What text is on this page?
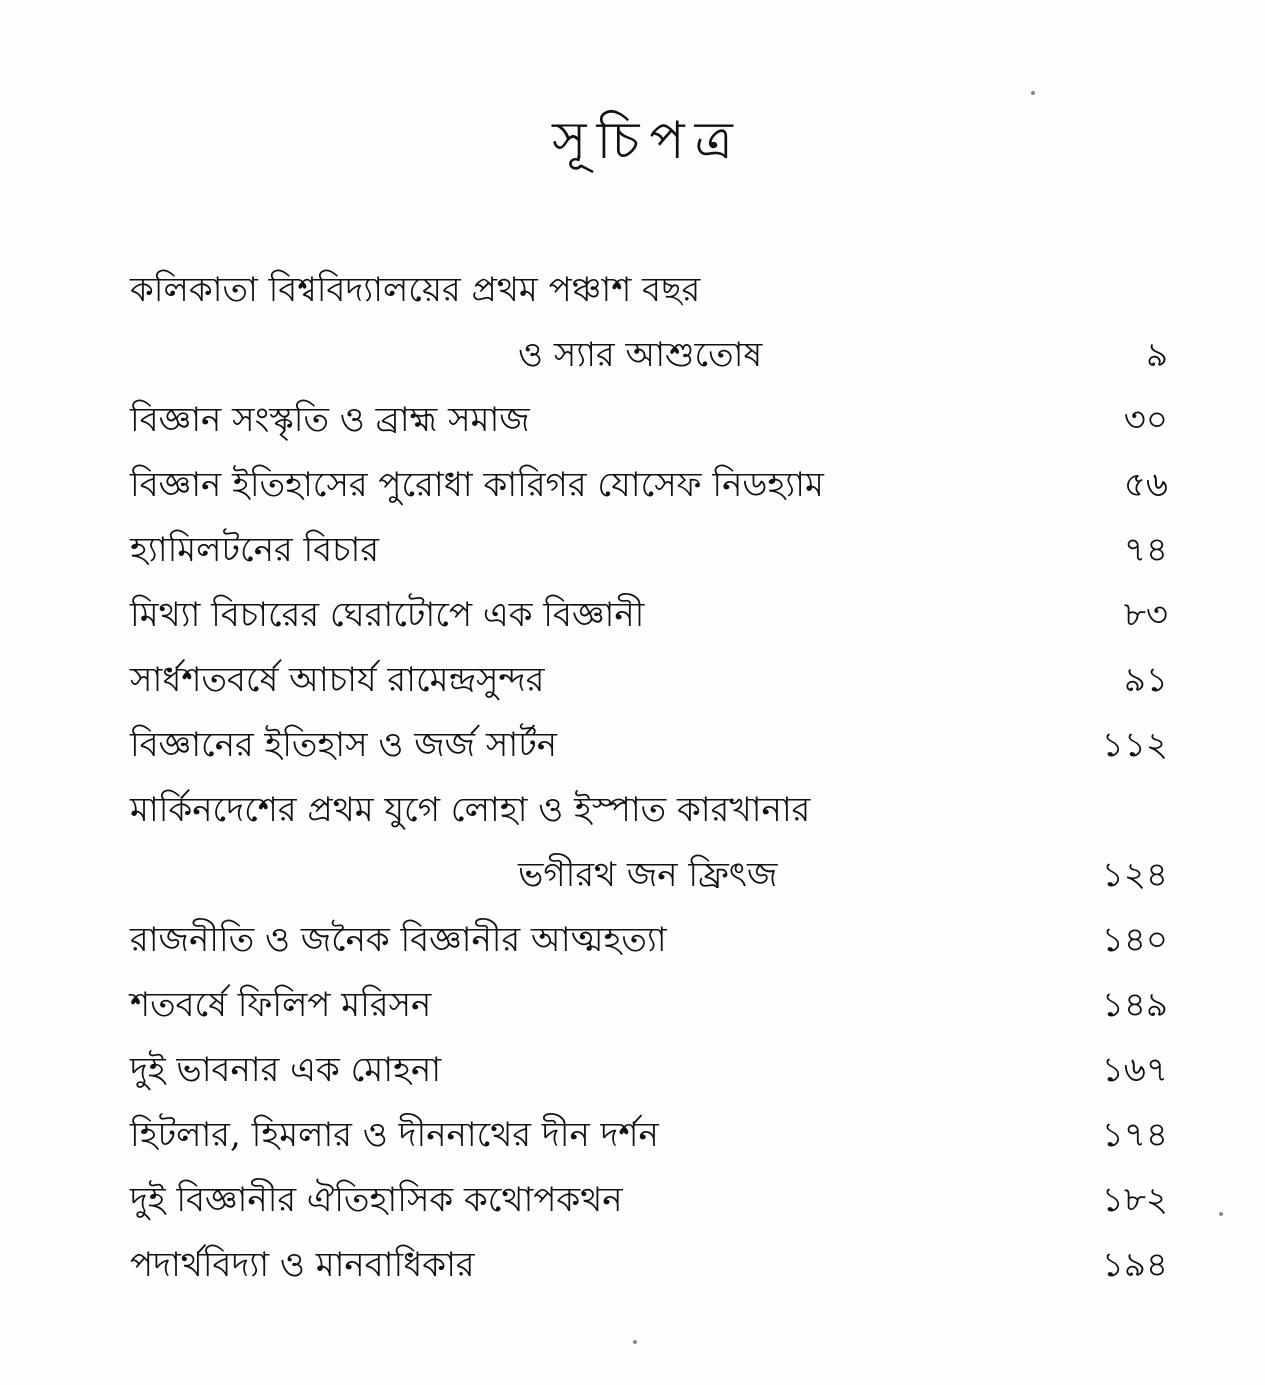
সূচিপত্র
কলিকাতা বিশ্ববিদ্যালয়ের প্রথম পঞ্চাশ বছর
ও স্যার আশুতোষ	৯
বিজ্ঞান সংস্কৃতি ও ব্রাহ্ম সমাজ	৩০
বিজ্ঞান ইতিহাসের পুরোধা কারিগর যোসেফ নিডহ্যাম	৫৬
হ্যামিলটনের বিচার	৭৪
মিথ্যা বিচারের ঘেরাটোপে এক বিজ্ঞানী	৮৩
সার্ধশতবর্ষে আচার্য রামেন্দ্রসুন্দর	৯১
বিজ্ঞানের ইতিহাস ও জর্জ সার্টন	১১২
মার্কিনদেশের প্রথম যুগে লোহা ও ইস্পাত কারখানার
ভগীরথ জন ফ্রিৎজ	১২৪
রাজনীতি ও জনৈক বিজ্ঞানীর আত্মহত্যা	১৪০
শতবর্ষে ফিলিপ মরিসন	১৪৯
দুই ভাবনার এক মোহনা	১৬৭
হিটলার, হিমলার ও দীননাথের দীন দর্শন	১৭৪
দুই বিজ্ঞানীর ঐতিহাসিক কথোপকথন	১৮২
পদার্থবিদ্যা ও মানবাধিকার	১৯৪
